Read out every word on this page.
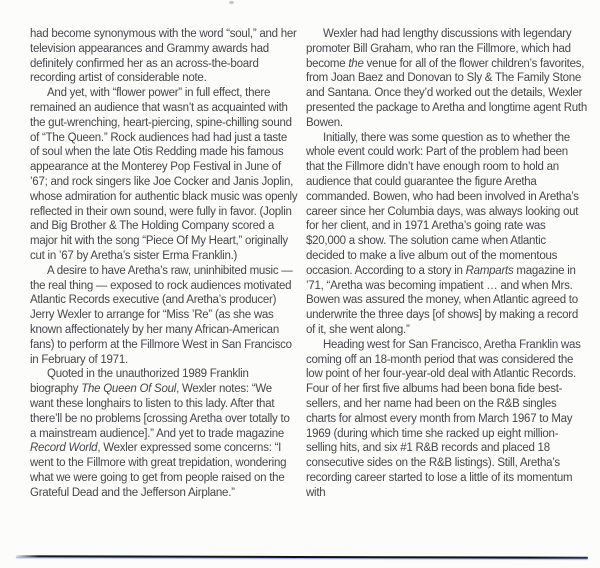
had become synonymous with the word “soul,” and her television appearances and Grammy awards had definitely confirmed her as an across-the-board recording artist of considerable note.

And yet, with “flower power” in full effect, there remained an audience that wasn’t as acquainted with the gut-wrenching, heart-piercing, spine-chilling sound of “The Queen.” Rock audiences had had just a taste of soul when the late Otis Redding made his famous appearance at the Monterey Pop Festival in June of ’67; and rock singers like Joe Cocker and Janis Joplin, whose admiration for authentic black music was openly reflected in their own sound, were fully in favor. (Joplin and Big Brother & The Holding Company scored a major hit with the song “Piece Of My Heart,” originally cut in ’67 by Aretha’s sister Erma Franklin.)

A desire to have Aretha’s raw, uninhibited music — the real thing — exposed to rock audiences motivated Atlantic Records executive (and Aretha’s producer) Jerry Wexler to arrange for “Miss ’Re” (as she was known affectionately by her many African-American fans) to perform at the Fillmore West in San Francisco in February of 1971.

Quoted in the unauthorized 1989 Franklin biography The Queen Of Soul, Wexler notes: “We want these longhairs to listen to this lady. After that there’ll be no problems [crossing Aretha over totally to a mainstream audience].” And yet to trade magazine Record World, Wexler expressed some concerns: “I went to the Fillmore with great trepidation, wondering what we were going to get from people raised on the Grateful Dead and the Jefferson Airplane.”

Wexler had had lengthy discussions with legendary promoter Bill Graham, who ran the Fillmore, which had become the venue for all of the flower children’s favorites, from Joan Baez and Donovan to Sly & The Family Stone and Santana. Once they’d worked out the details, Wexler presented the package to Aretha and longtime agent Ruth Bowen.

Initially, there was some question as to whether the whole event could work: Part of the problem had been that the Fillmore didn’t have enough room to hold an audience that could guarantee the figure Aretha commanded. Bowen, who had been involved in Aretha’s career since her Columbia days, was always looking out for her client, and in 1971 Aretha’s going rate was $20,000 a show. The solution came when Atlantic decided to make a live album out of the momentous occasion. According to a story in Ramparts magazine in ’71, “Aretha was becoming impatient … and when Mrs. Bowen was assured the money, when Atlantic agreed to underwrite the three days [of shows] by making a record of it, she went along.”

Heading west for San Francisco, Aretha Franklin was coming off an 18-month period that was considered the low point of her four-year-old deal with Atlantic Records. Four of her first five albums had been bona fide best-sellers, and her name had been on the R&B singles charts for almost every month from March 1967 to May 1969 (during which time she racked up eight million-selling hits, and six #1 R&B records and placed 18 consecutive sides on the R&B listings). Still, Aretha’s recording career started to lose a little of its momentum with
